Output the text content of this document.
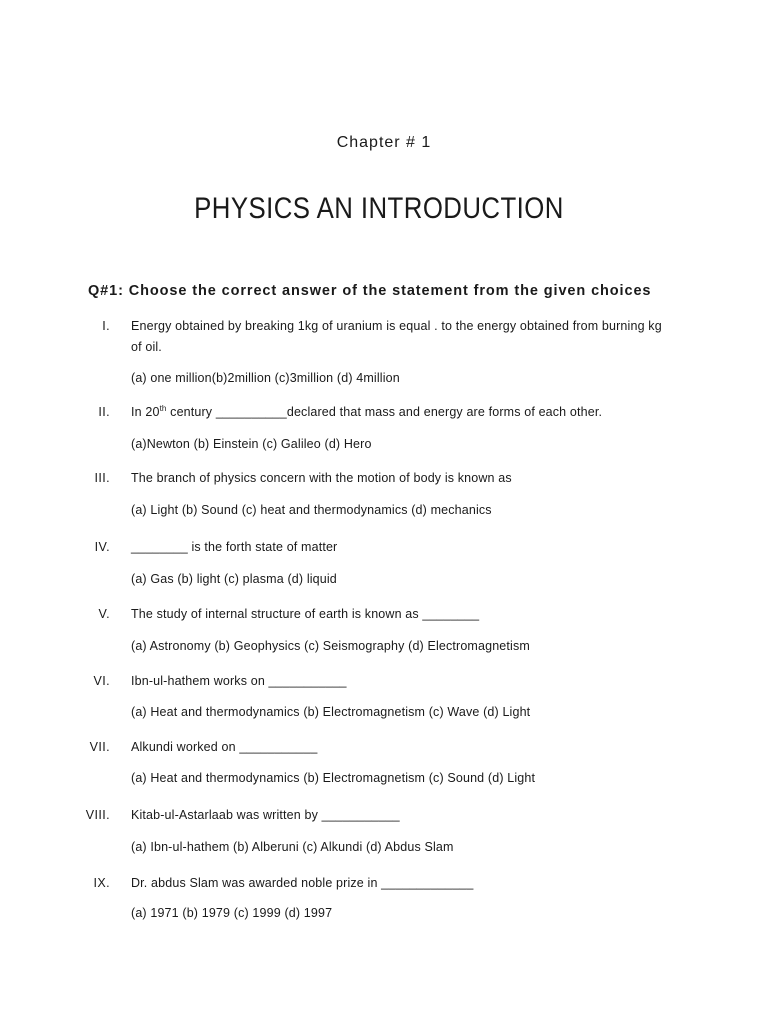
Chapter # 1
PHYSICS AN INTRODUCTION
Q#1: Choose the correct answer of the statement from the given choices
I. Energy obtained by breaking 1kg of uranium is equal . to the energy obtained from burning kg of oil.
(a) one million(b)2million (c)3million (d) 4million
II. In 20th century __________declared that mass and energy are forms of each other.
(a)Newton (b) Einstein (c) Galileo (d) Hero
III. The branch of physics concern with the motion of body is known as
(a) Light (b) Sound (c) heat and thermodynamics (d) mechanics
IV. ________ is the forth state of matter
(a) Gas (b) light (c) plasma (d) liquid
V. The study of internal structure of earth is known as ________
(a) Astronomy (b) Geophysics (c) Seismography (d) Electromagnetism
VI. Ibn-ul-hathem works on ___________
(a) Heat and thermodynamics (b) Electromagnetism (c) Wave (d) Light
VII. Alkundi worked on ___________
(a) Heat and thermodynamics (b) Electromagnetism (c) Sound (d) Light
VIII. Kitab-ul-Astarlaab was written by ___________
(a) Ibn-ul-hathem (b) Alberuni (c) Alkundi (d) Abdus Slam
IX. Dr. abdus Slam was awarded noble prize in _____________
(a) 1971 (b) 1979 (c) 1999 (d) 1997
